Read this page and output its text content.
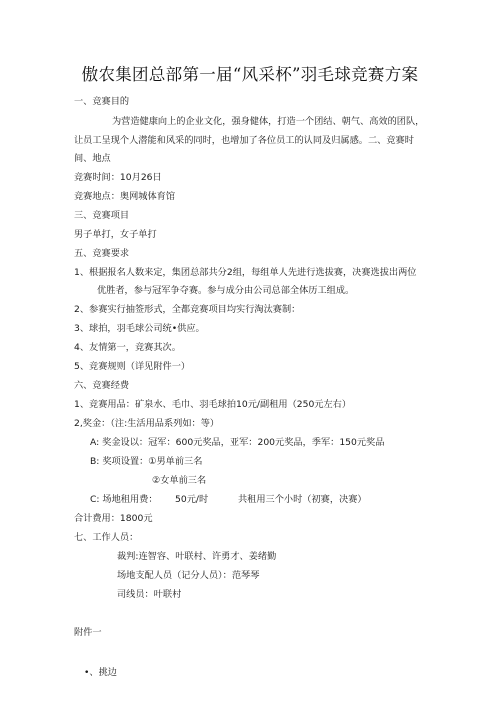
傲农集团总部第一届“风采杯”羽毛球竞赛方案
一、竞赛目的
为营造健康向上的企业文化，强身健体，打造一个团结、朝气、高效的团队，
让员工呈现个人潜能和风采的同时，也增加了各位员工的认同及归属感。二、竞赛时
间、地点
竞赛时间：10月26日
竞赛地点：奥网城体育馆
三、竞赛项目
男子单打，女子单打
五、竞赛要求
1、根据报名人数来定，集团总部共分2组，每组单人先进行选拔赛，决赛选拔出两位
优胜者，参与冠军争夺赛。参与成分由公司总部全体历工组成。
2、参赛实行抽签形式，全都竞赛项目均实行淘汰赛制：
3、球拍，羽毛球公司统•供应。
4、友情第一，竞赛其次。
5、竞赛规则（详见附件一）
六、竞赛经费
1、竞赛用品：矿泉水、毛巾、羽毛球拍10元/副租用（250元左右）
2,奖金：（注:生活用品系列如：等）
A: 奖金设以：冠军：600元奖品，亚军：200元奖品，季军：150元奖品
B: 奖项设置：①男单前三名
②女单前三名
C: 场地租用费： 50元/时	共租用三个小时（初赛，决赛）
合计费用：1800元
七、工作人员：
裁判:连智容、叶联村、许勇才、姜绪勤
场地支配人员（记分人员）：范琴琴
司线员：叶联村
附件一
•、挑边
